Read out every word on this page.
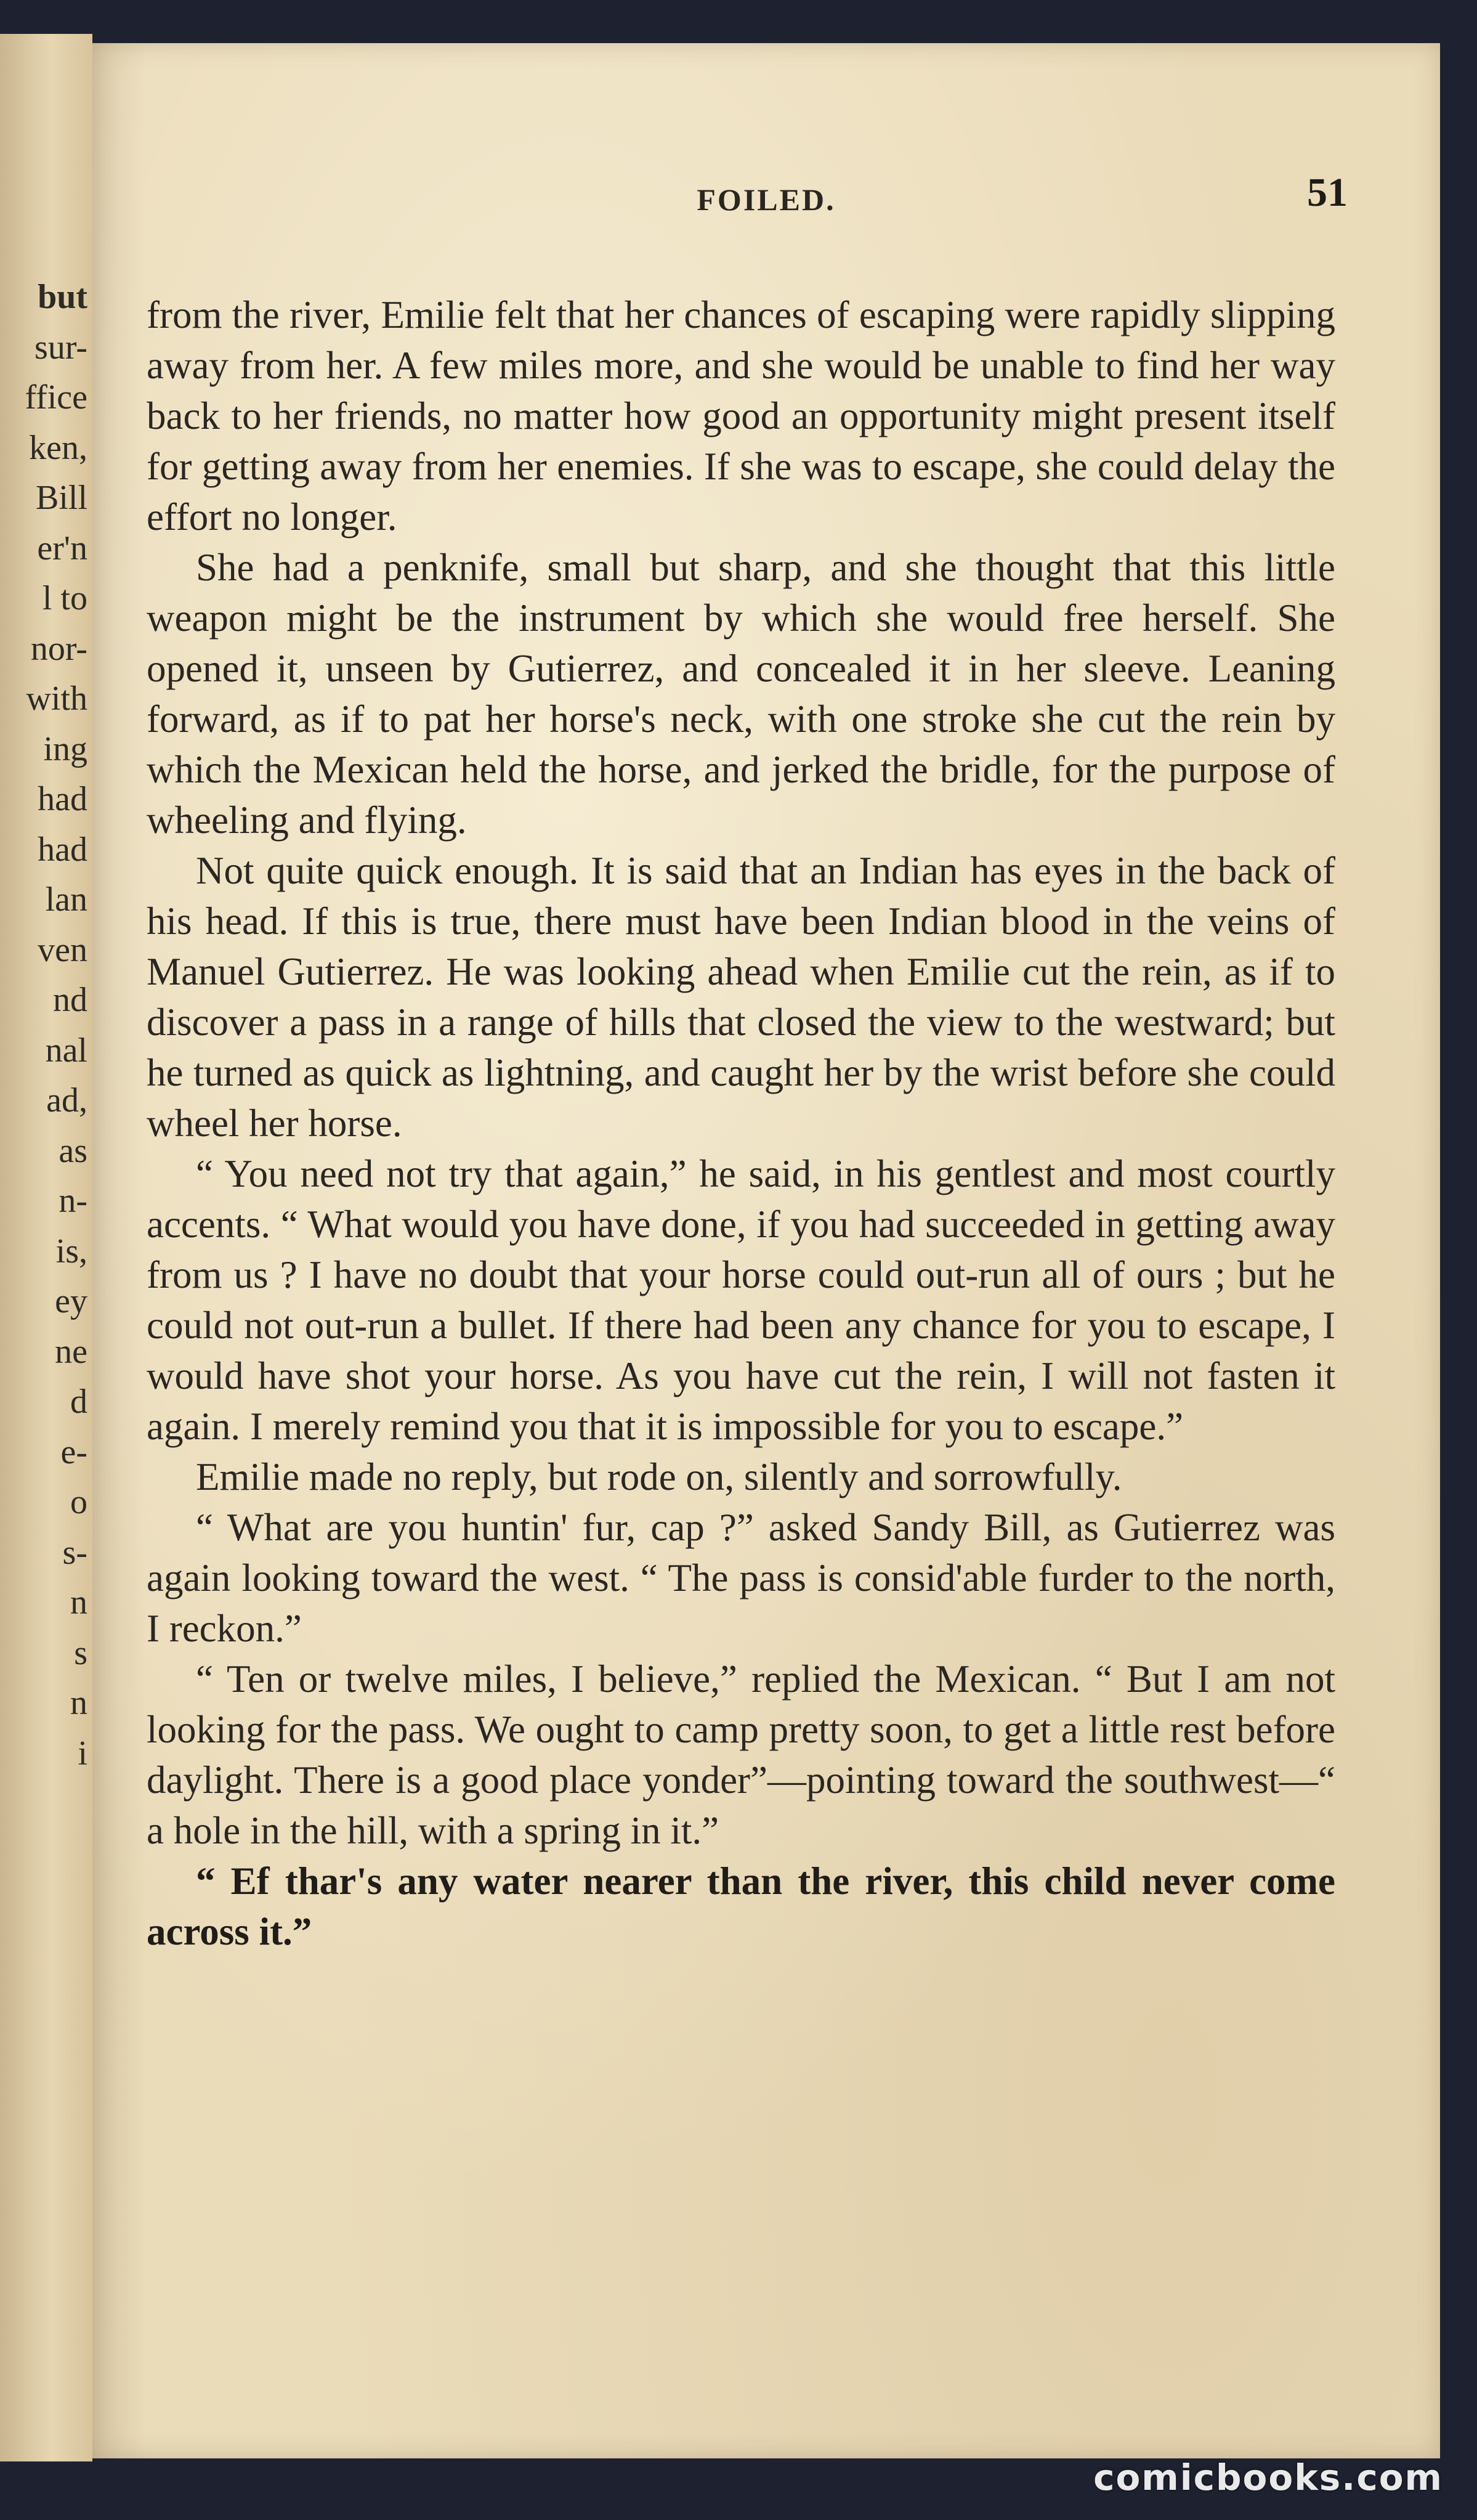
but
sur-
ffice
ken,
Bill
er'n
l to
nor-
with
ing
had
had
lan
ven
nd
nal
ad,
as
n-
is,
ey
ne
d
e-
o
s-
n
s
n
i
FOILED.	51

from the river, Emilie felt that her chances of escaping were rapidly slipping away from her. A few miles more, and she would be unable to find her way back to her friends, no matter how good an opportunity might present itself for getting away from her enemies. If she was to escape, she could delay the effort no longer.

She had a penknife, small but sharp, and she thought that this little weapon might be the instrument by which she would free herself. She opened it, unseen by Gutierrez, and concealed it in her sleeve. Leaning forward, as if to pat her horse's neck, with one stroke she cut the rein by which the Mexican held the horse, and jerked the bridle, for the purpose of wheeling and flying.

Not quite quick enough. It is said that an Indian has eyes in the back of his head. If this is true, there must have been Indian blood in the veins of Manuel Gutierrez. He was looking ahead when Emilie cut the rein, as if to discover a pass in a range of hills that closed the view to the westward; but he turned as quick as lightning, and caught her by the wrist before she could wheel her horse.

“ You need not try that again,” he said, in his gentlest and most courtly accents. “ What would you have done, if you had succeeded in getting away from us ? I have no doubt that your horse could out-run all of ours ; but he could not out-run a bullet. If there had been any chance for you to escape, I would have shot your horse. As you have cut the rein, I will not fasten it again. I merely remind you that it is impossible for you to escape.”

Emilie made no reply, but rode on, silently and sorrowfully.

“ What are you huntin' fur, cap ?” asked Sandy Bill, as Gutierrez was again looking toward the west. “ The pass is consid'able furder to the north, I reckon.”

“ Ten or twelve miles, I believe,” replied the Mexican. “ But I am not looking for the pass. We ought to camp pretty soon, to get a little rest before daylight. There is a good place yonder”—pointing toward the southwest—“ a hole in the hill, with a spring in it.”

“ Ef thar's any water nearer than the river, this child never come across it.”

comicbooks.com
